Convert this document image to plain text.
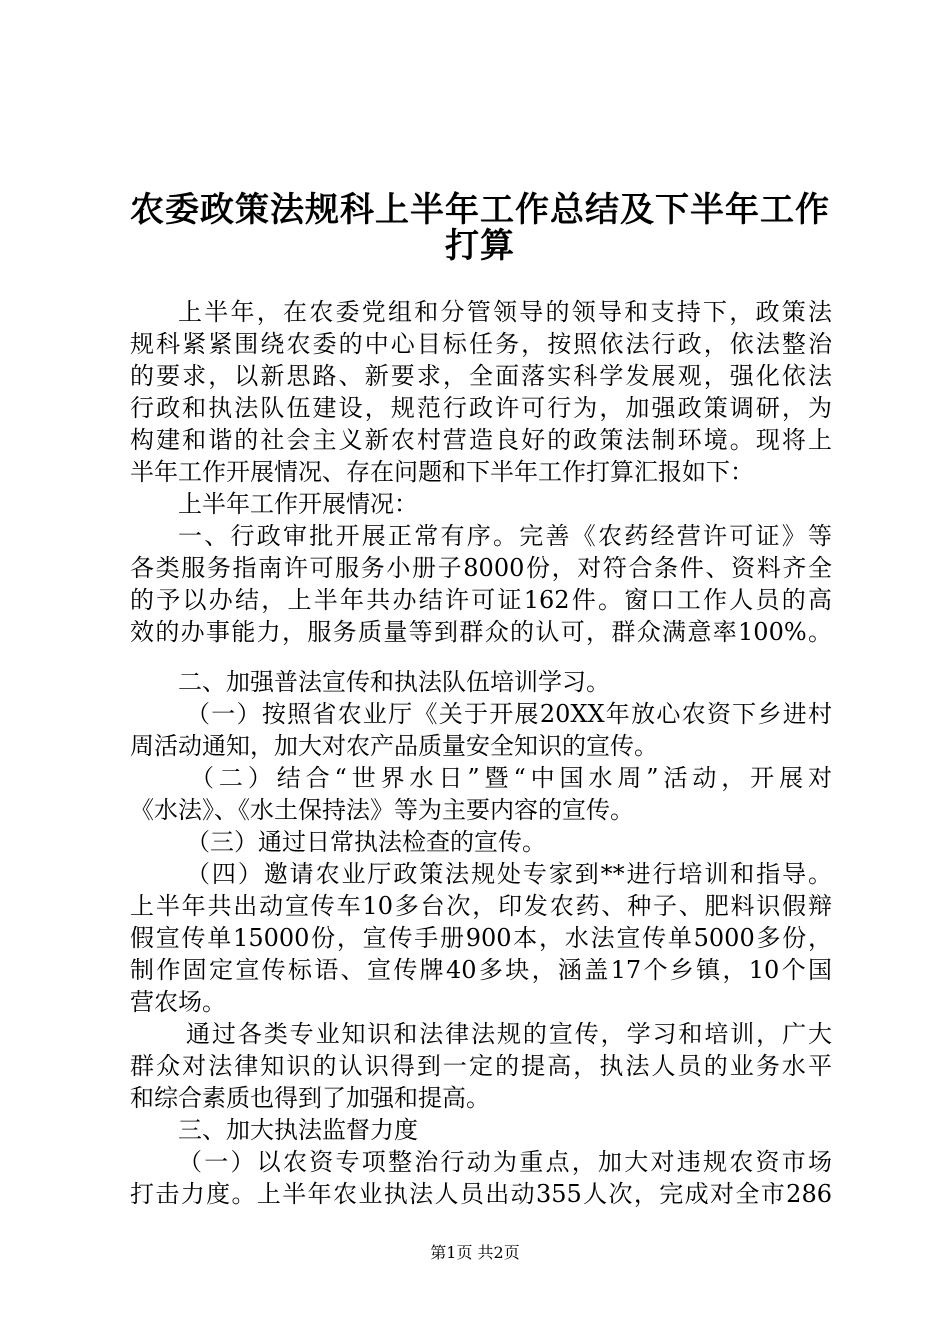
农委政策法规科上半年工作总结及下半年工作
打算
上半年，在农委党组和分管领导的领导和支持下，政策法
规科紧紧围绕农委的中心目标任务，按照依法行政，依法整治
的要求，以新思路、新要求，全面落实科学发展观，强化依法
行政和执法队伍建设，规范行政许可行为，加强政策调研，为
构建和谐的社会主义新农村营造良好的政策法制环境。现将上
半年工作开展情况、存在问题和下半年工作打算汇报如下：
上半年工作开展情况：
一、行政审批开展正常有序。完善《农药经营许可证》等
各类服务指南许可服务小册子8000份，对符合条件、资料齐全
的予以办结，上半年共办结许可证162件。窗口工作人员的高
效的办事能力，服务质量等到群众的认可，群众满意率100%。
二、加强普法宣传和执法队伍培训学习。
（一）按照省农业厅《关于开展20XX年放心农资下乡进村
周活动通知，加大对农产品质量安全知识的宣传。
（二）结合“世界水日”暨“中国水周”活动，开展对
《水法》、《水土保持法》等为主要内容的宣传。
（三）通过日常执法检查的宣传。
（四）邀请农业厅政策法规处专家到**进行培训和指导。
上半年共出动宣传车10多台次，印发农药、种子、肥料识假辩
假宣传单15000份，宣传手册900本，水法宣传单5000多份，
制作固定宣传标语、宣传牌40多块，涵盖17个乡镇，10个国
营农场。
通过各类专业知识和法律法规的宣传，学习和培训，广大
群众对法律知识的认识得到一定的提高，执法人员的业务水平
和综合素质也得到了加强和提高。
三、加大执法监督力度
（一）以农资专项整治行动为重点，加大对违规农资市场
打击力度。上半年农业执法人员出动355人次，完成对全市286
第1页 共2页
